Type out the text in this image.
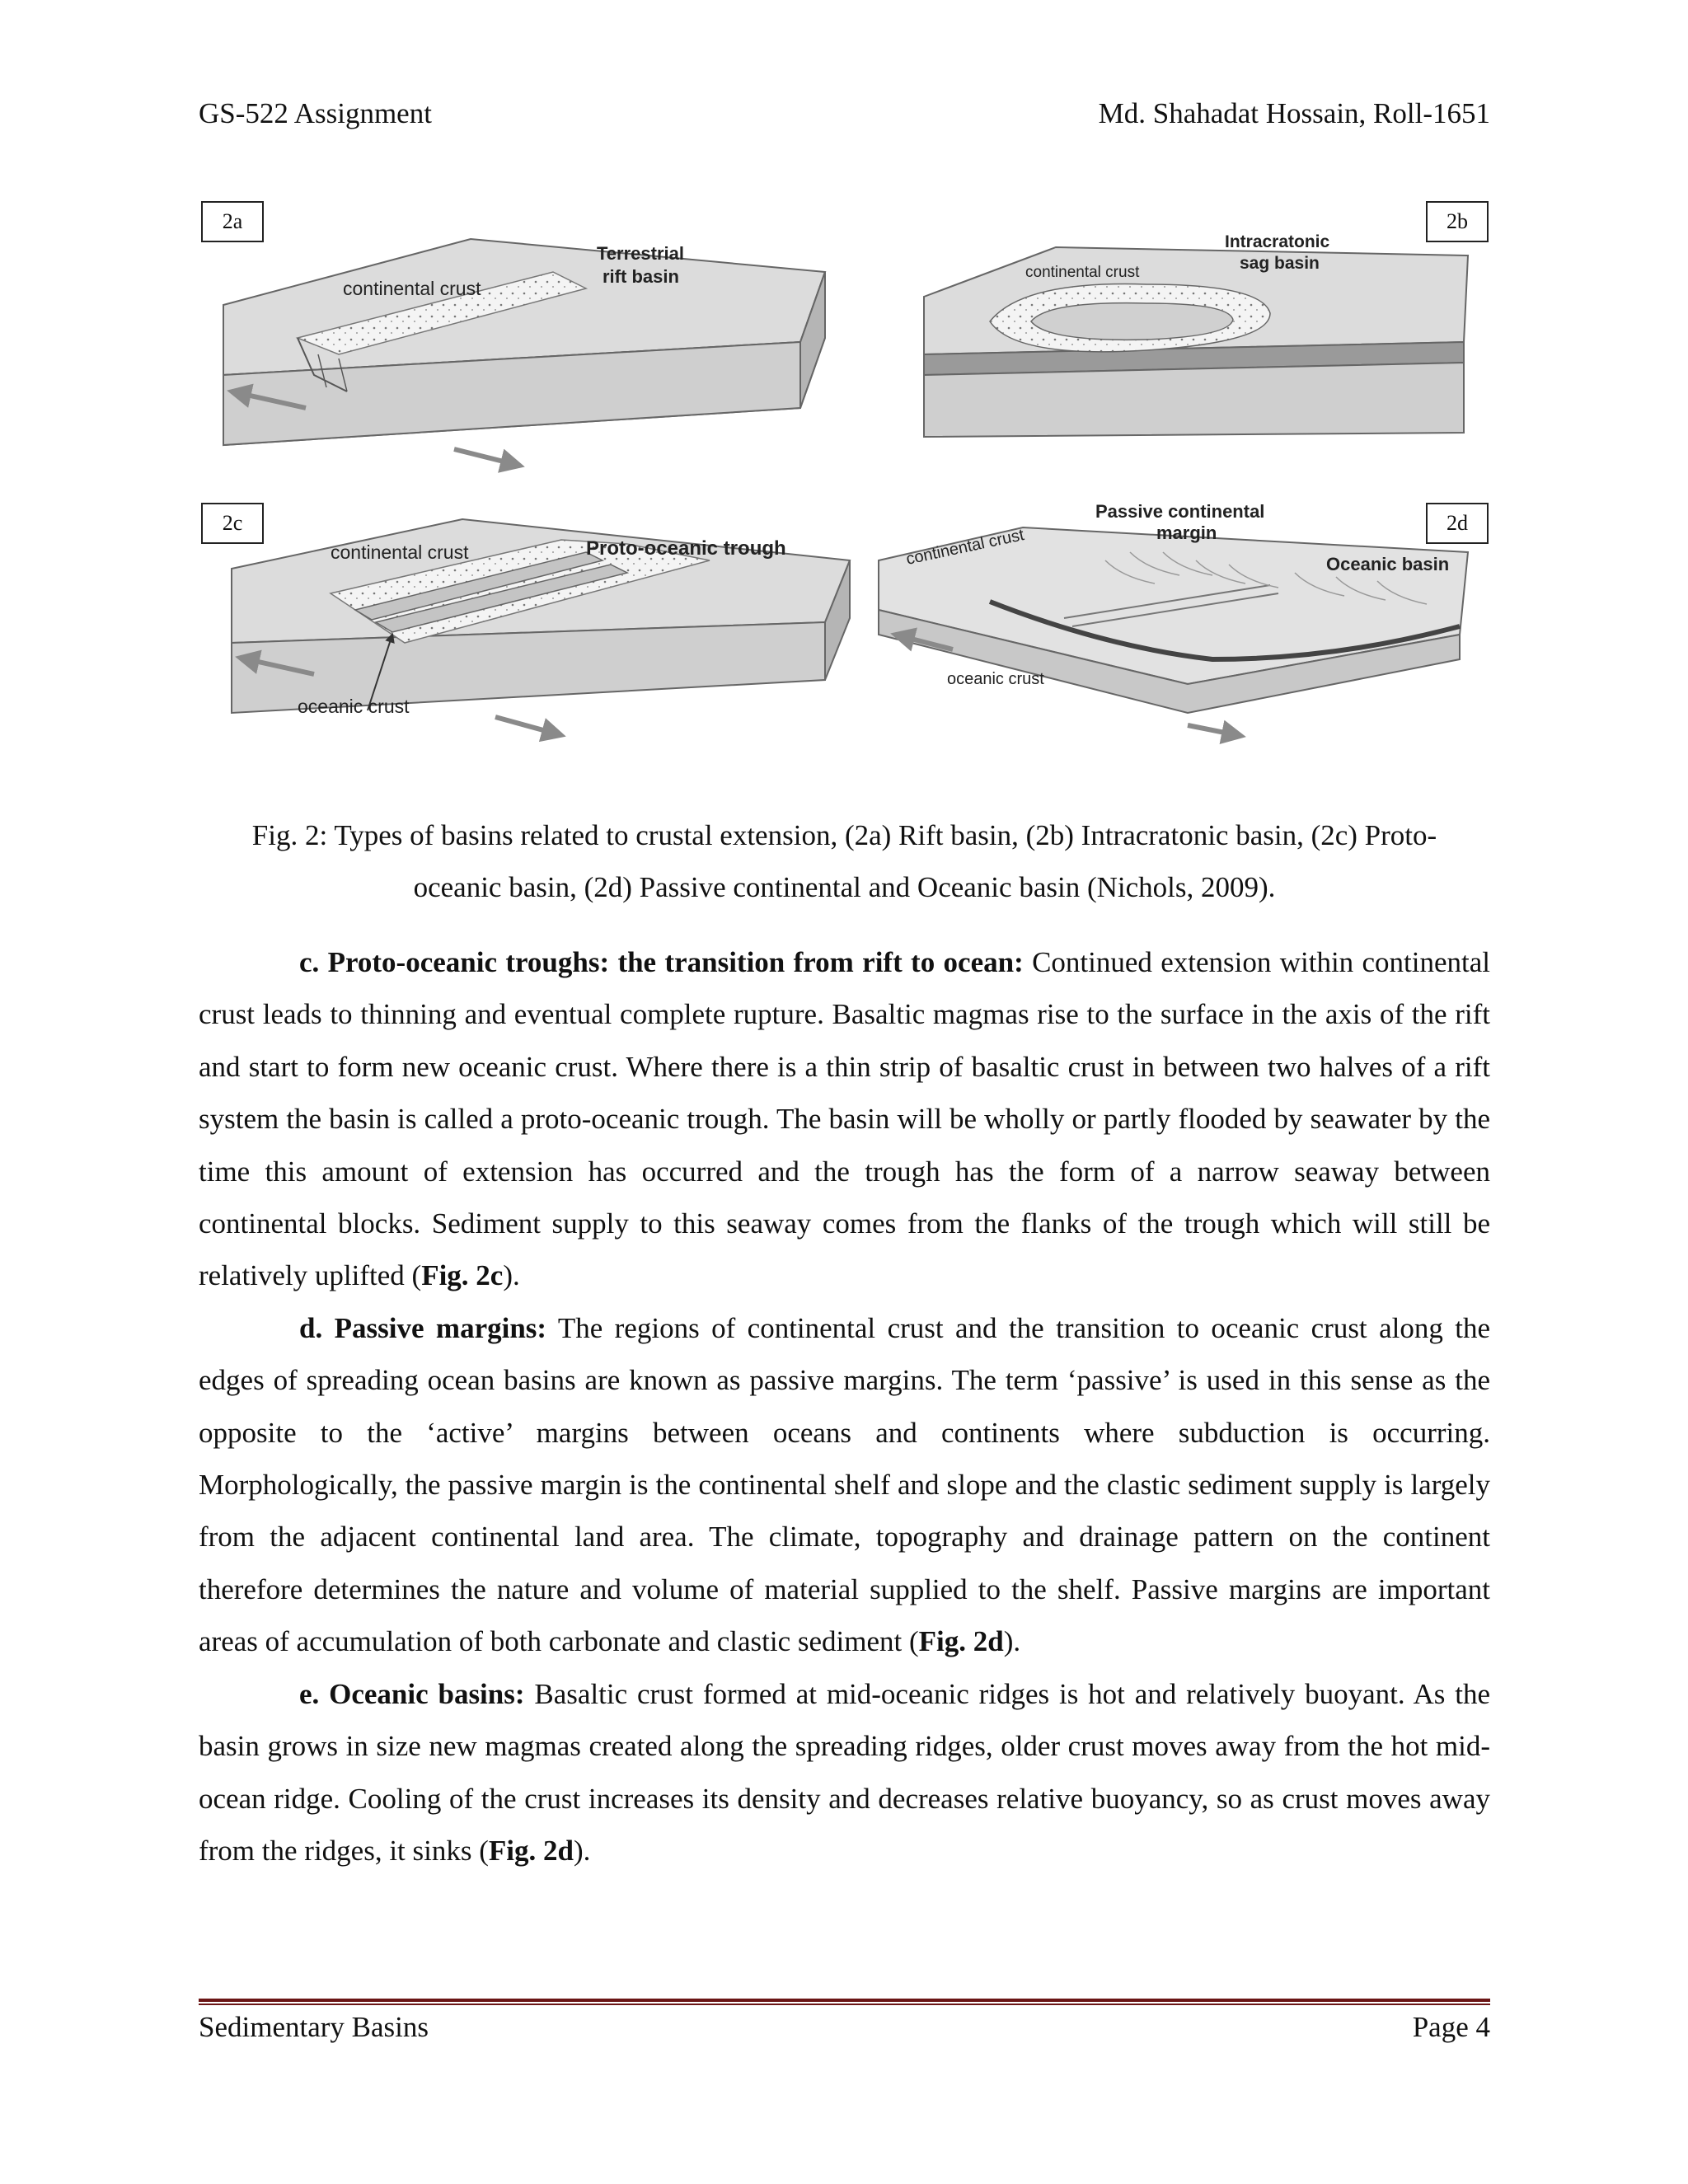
GS-522 Assignment	Md. Shahadat Hossain, Roll-1651
continental crust
Terrestrial
rift basin	continental crust
Intracratonic
sag basin
continental crust	Proto-oceanic trough
oceanic crust
continental crust
Passive continental
margin
Oceanic basin
oceanic crust
2a	2b
2c	2d
Fig. 2: Types of basins related to crustal extension, (2a) Rift basin, (2b) Intracratonic basin, (2c) Proto-
oceanic basin, (2d) Passive continental and Oceanic basin (Nichols, 2009).

c. Proto-oceanic troughs: the transition from rift to ocean: Continued extension within continental crust leads to thinning and eventual complete rupture. Basaltic magmas rise to the surface in the axis of the rift and start to form new oceanic crust. Where there is a thin strip of basaltic crust in between two halves of a rift system the basin is called a proto-oceanic trough. The basin will be wholly or partly flooded by seawater by the time this amount of extension has occurred and the trough has the form of a narrow seaway between continental blocks. Sediment supply to this seaway comes from the flanks of the trough which will still be relatively uplifted (Fig. 2c).

d. Passive margins: The regions of continental crust and the transition to oceanic crust along the edges of spreading ocean basins are known as passive margins. The term ‘passive’ is used in this sense as the opposite to the ‘active’ margins between oceans and continents where subduction is occurring. Morphologically, the passive margin is the continental shelf and slope and the clastic sediment supply is largely from the adjacent continental land area. The climate, topography and drainage pattern on the continent therefore determines the nature and volume of material supplied to the shelf. Passive margins are important areas of accumulation of both carbonate and clastic sediment (Fig. 2d).

e. Oceanic basins: Basaltic crust formed at mid-oceanic ridges is hot and relatively buoyant. As the basin grows in size new magmas created along the spreading ridges, older crust moves away from the hot mid-ocean ridge. Cooling of the crust increases its density and decreases relative buoyancy, so as crust moves away from the ridges, it sinks (Fig. 2d).

Sedimentary Basins	Page 4
